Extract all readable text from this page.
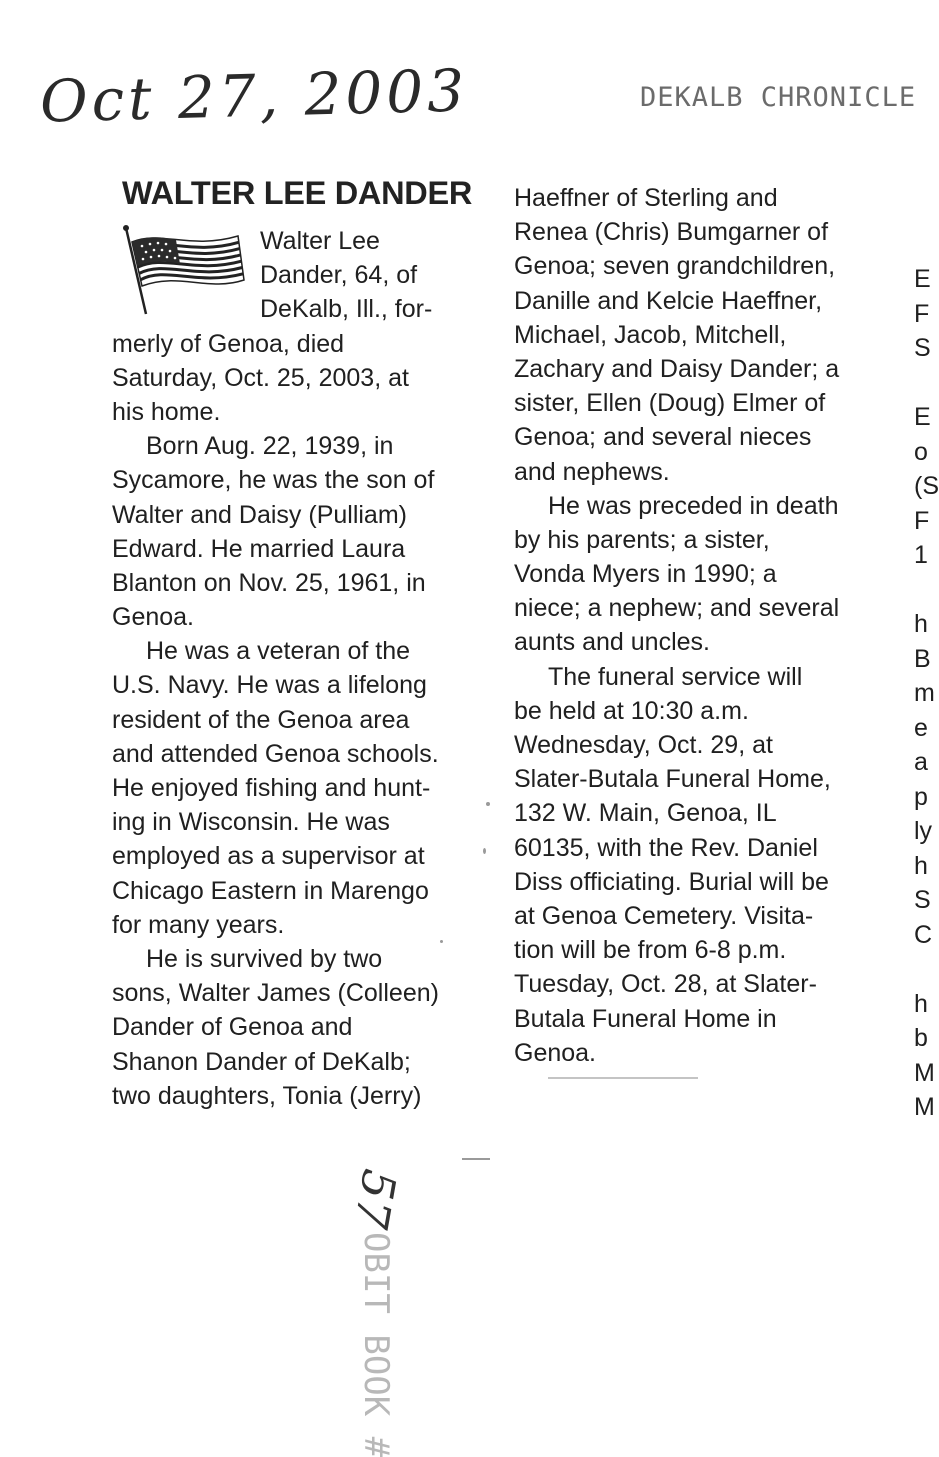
Oct 27, 2003	DEKALB CHRONICLE
WALTER LEE DANDER
Walter Lee
Dander, 64, of
DeKalb, Ill., for-
merly of Genoa, died
Saturday, Oct. 25, 2003, at
his home.
Born Aug. 22, 1939, in
Sycamore, he was the son of
Walter and Daisy (Pulliam)
Edward. He married Laura
Blanton on Nov. 25, 1961, in
Genoa.
He was a veteran of the
U.S. Navy. He was a lifelong
resident of the Genoa area
and attended Genoa schools.
He enjoyed fishing and hunt-
ing in Wisconsin. He was
employed as a supervisor at
Chicago Eastern in Marengo
for many years.
He is survived by two
sons, Walter James (Colleen)
Dander of Genoa and
Shanon Dander of DeKalb;
two daughters, Tonia (Jerry)
Haeffner of Sterling and
Renea (Chris) Bumgarner of
Genoa; seven grandchildren,
Danille and Kelcie Haeffner,
Michael, Jacob, Mitchell,
Zachary and Daisy Dander; a
sister, Ellen (Doug) Elmer of
Genoa; and several nieces
and nephews.
He was preceded in death
by his parents; a sister,
Vonda Myers in 1990; a
niece; a nephew; and several
aunts and uncles.
The funeral service will
be held at 10:30 a.m.
Wednesday, Oct. 29, at
Slater-Butala Funeral Home,
132 W. Main, Genoa, IL
60135, with the Rev. Daniel
Diss officiating. Burial will be
at Genoa Cemetery. Visita-
tion will be from 6-8 p.m.
Tuesday, Oct. 28, at Slater-
Butala Funeral Home in
Genoa.
E
F
S
E
o
(S
F
1
h
B
m
e
a
p
ly
h
S
C
h
b
M
M
57
OBIT BOOK #
